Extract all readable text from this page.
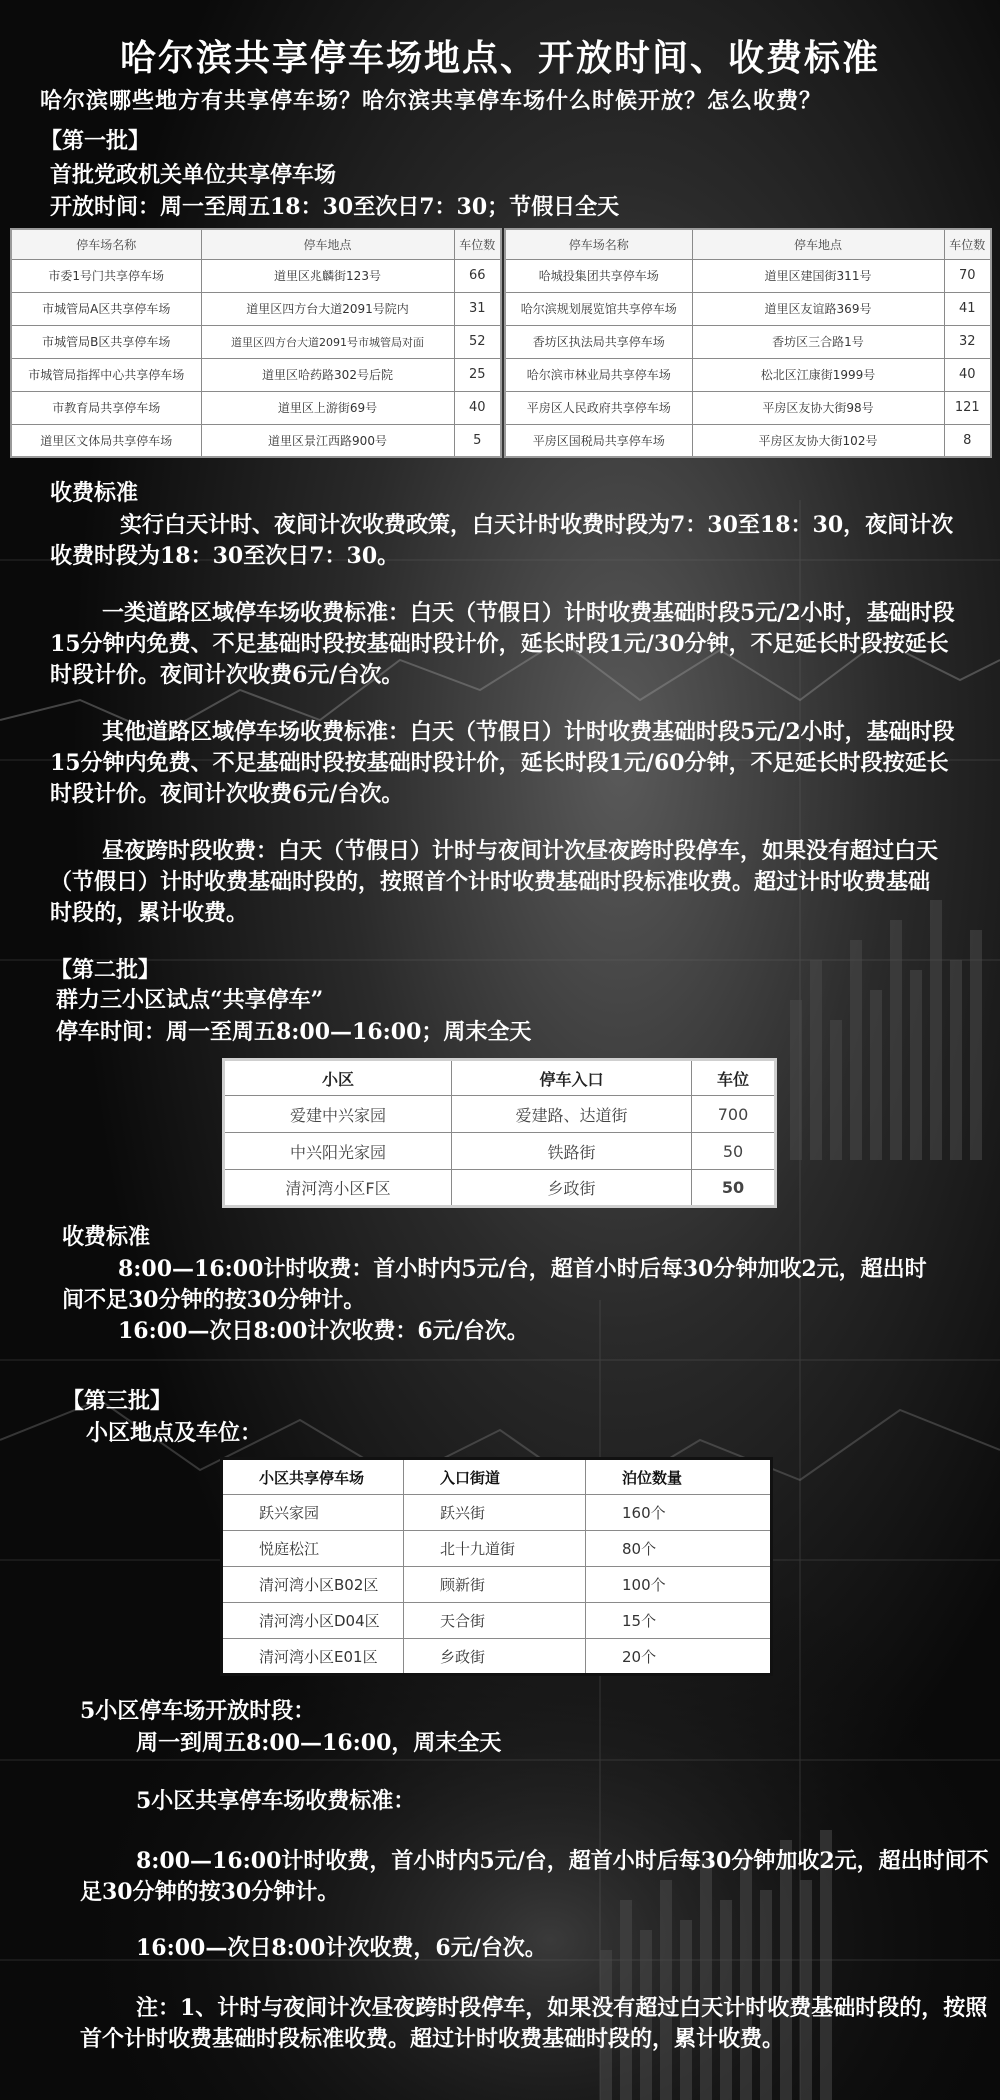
哈尔滨共享停车场地点、开放时间、收费标准
哈尔滨哪些地方有共享停车场？哈尔滨共享停车场什么时候开放？怎么收费？
【第一批】
首批党政机关单位共享停车场
开放时间：周一至周五18：30至次日7：30；节假日全天
停车场名称	停车地点	车位数
市委1号门共享停车场	道里区兆麟街123号	66
市城管局A区共享停车场	道里区四方台大道2091号院内	31
市城管局B区共享停车场	道里区四方台大道2091号市城管局对面	52
市城管局指挥中心共享停车场	道里区哈药路302号后院	25
市教育局共享停车场	道里区上游街69号	40
道里区文体局共享停车场	道里区景江西路900号	5
停车场名称	停车地点	车位数
哈城投集团共享停车场	道里区建国街311号	70
哈尔滨规划展览馆共享停车场	道里区友谊路369号	41
香坊区执法局共享停车场	香坊区三合路1号	32
哈尔滨市林业局共享停车场	松北区江康街1999号	40
平房区人民政府共享停车场	平房区友协大街98号	121
平房区国税局共享停车场	平房区友协大街102号	8
收费标准
实行白天计时、夜间计次收费政策，白天计时收费时段为7：30至18：30，夜间计次收费时段为18：30至次日7：30。
一类道路区域停车场收费标准：白天（节假日）计时收费基础时段5元/2小时，基础时段15分钟内免费、不足基础时段按基础时段计价，延长时段1元/30分钟，不足延长时段按延长时段计价。夜间计次收费6元/台次。
其他道路区域停车场收费标准：白天（节假日）计时收费基础时段5元/2小时，基础时段15分钟内免费、不足基础时段按基础时段计价，延长时段1元/60分钟，不足延长时段按延长时段计价。夜间计次收费6元/台次。
昼夜跨时段收费：白天（节假日）计时与夜间计次昼夜跨时段停车，如果没有超过白天（节假日）计时收费基础时段的，按照首个计时收费基础时段标准收费。超过计时收费基础时段的，累计收费。
【第二批】
群力三小区试点“共享停车”
停车时间：周一至周五8:00—16:00；周末全天
小区	停车入口	车位
爱建中兴家园	爱建路、达道街	700
中兴阳光家园	铁路街	50
清河湾小区F区	乡政街	50
收费标准
8:00—16:00计时收费：首小时内5元/台，超首小时后每30分钟加收2元，超出时间不足30分钟的按30分钟计。
16:00—次日8:00计次收费：6元/台次。
【第三批】
小区地点及车位：
小区共享停车场	入口街道	泊位数量
跃兴家园	跃兴街	160个
悦庭松江	北十九道街	80个
清河湾小区B02区	顾新街	100个
清河湾小区D04区	天合街	15个
清河湾小区E01区	乡政街	20个
5小区停车场开放时段：
周一到周五8:00—16:00，周末全天
5小区共享停车场收费标准：
8:00—16:00计时收费，首小时内5元/台，超首小时后每30分钟加收2元，超出时间不足30分钟的按30分钟计。
16:00—次日8:00计次收费，6元/台次。
注：1、计时与夜间计次昼夜跨时段停车，如果没有超过白天计时收费基础时段的，按照首个计时收费基础时段标准收费。超过计时收费基础时段的，累计收费。
